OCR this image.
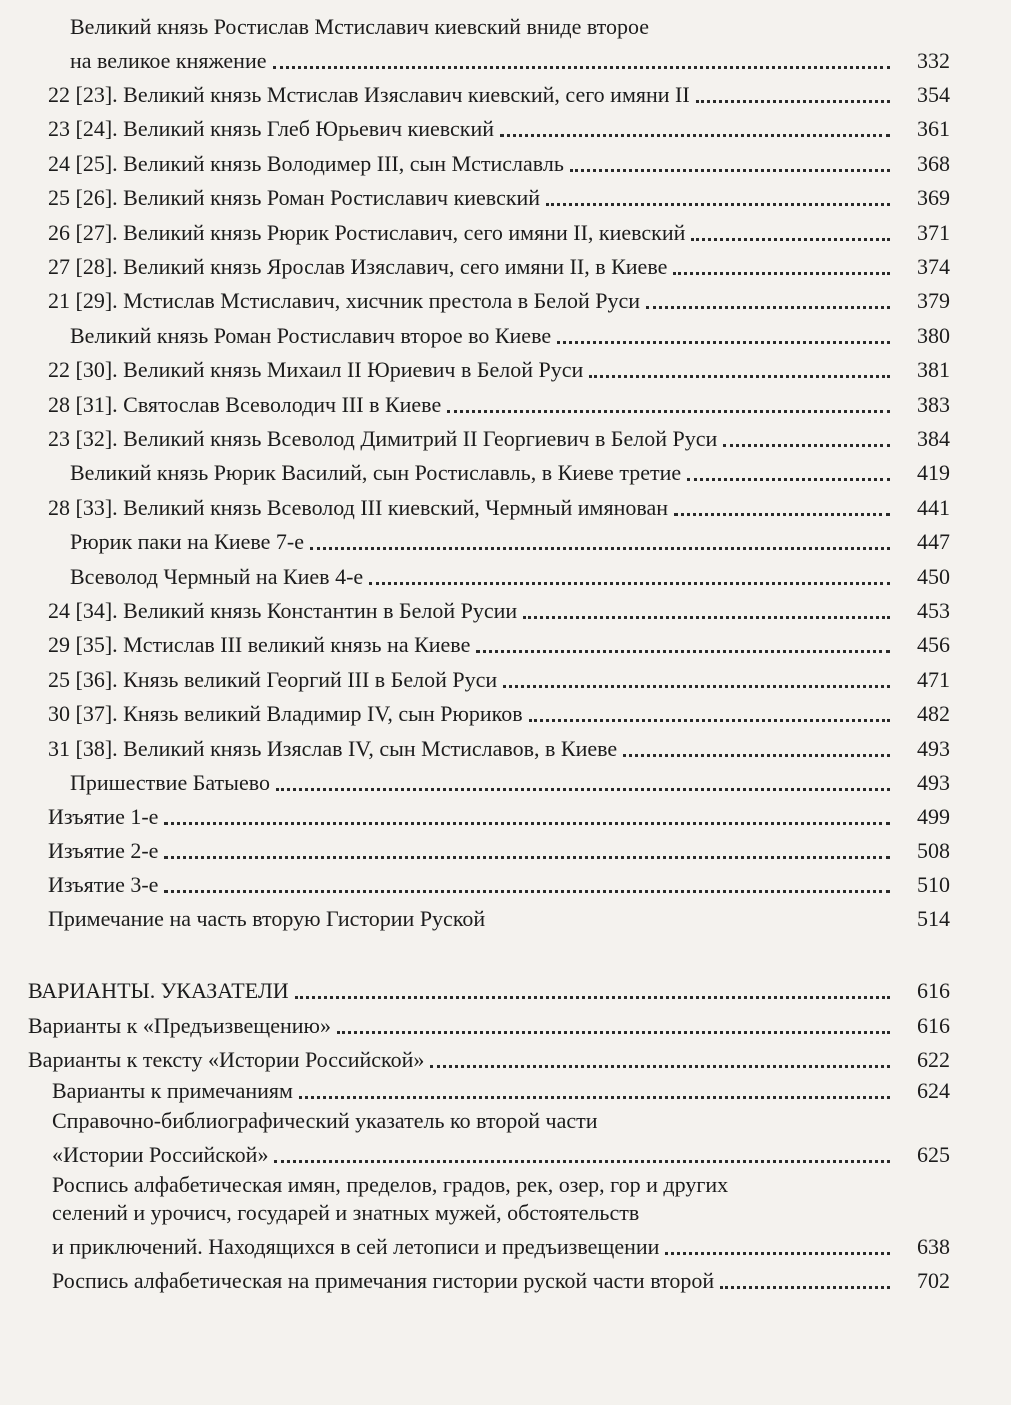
Великий князь Ростислав Мстиславич киевский вниде второе
на великое княжение	332
22 [23]. Великий князь Мстислав Изяславич киевский, сего имяни II	354
23 [24]. Великий князь Глеб Юрьевич киевский	361
24 [25]. Великий князь Володимер III, сын Мстиславль	368
25 [26]. Великий князь Роман Ростиславич киевский	369
26 [27]. Великий князь Рюрик Ростиславич, сего имяни II, киевский	371
27 [28]. Великий князь Ярослав Изяславич, сего имяни II, в Киеве	374
21 [29]. Мстислав Мстиславич, хисчник престола в Белой Руси	379
Великий князь Роман Ростиславич второе во Киеве	380
22 [30]. Великий князь Михаил II Юриевич в Белой Руси	381
28 [31]. Святослав Всеволодич III в Киеве	383
23 [32]. Великий князь Всеволод Димитрий II Георгиевич в Белой Руси	384
Великий князь Рюрик Василий, сын Ростиславль, в Киеве третие	419
28 [33]. Великий князь Всеволод III киевский, Чермный имянован	441
Рюрик паки на Киеве 7-е	447
Всеволод Чермный на Киев 4-е	450
24 [34]. Великий князь Константин в Белой Русии	453
29 [35]. Мстислав III великий князь на Киеве	456
25 [36]. Князь великий Георгий III в Белой Руси	471
30 [37]. Князь великий Владимир IV, сын Рюриков	482
31 [38]. Великий князь Изяслав IV, сын Мстиславов, в Киеве	493
Пришествие Батыево	493
Изъятие 1-е	499
Изъятие 2-е	508
Изъятие 3-е	510
Примечание на часть вторую Гистории Руской	514
ВАРИАНТЫ. УКАЗАТЕЛИ	616
Варианты к «Предъизвещению»	616
Варианты к тексту «Истории Российской»	622
Варианты к примечаниям	624
Справочно-библиографический указатель ко второй части
«Истории Российской»	625
Роспись алфабетическая имян, пределов, градов, рек, озер, гор и других
селений и урочисч, государей и знатных мужей, обстоятельств
и приключений. Находящихся в сей летописи и предъизвещении	638
Роспись алфабетическая на примечания гистории руской части второй	702
